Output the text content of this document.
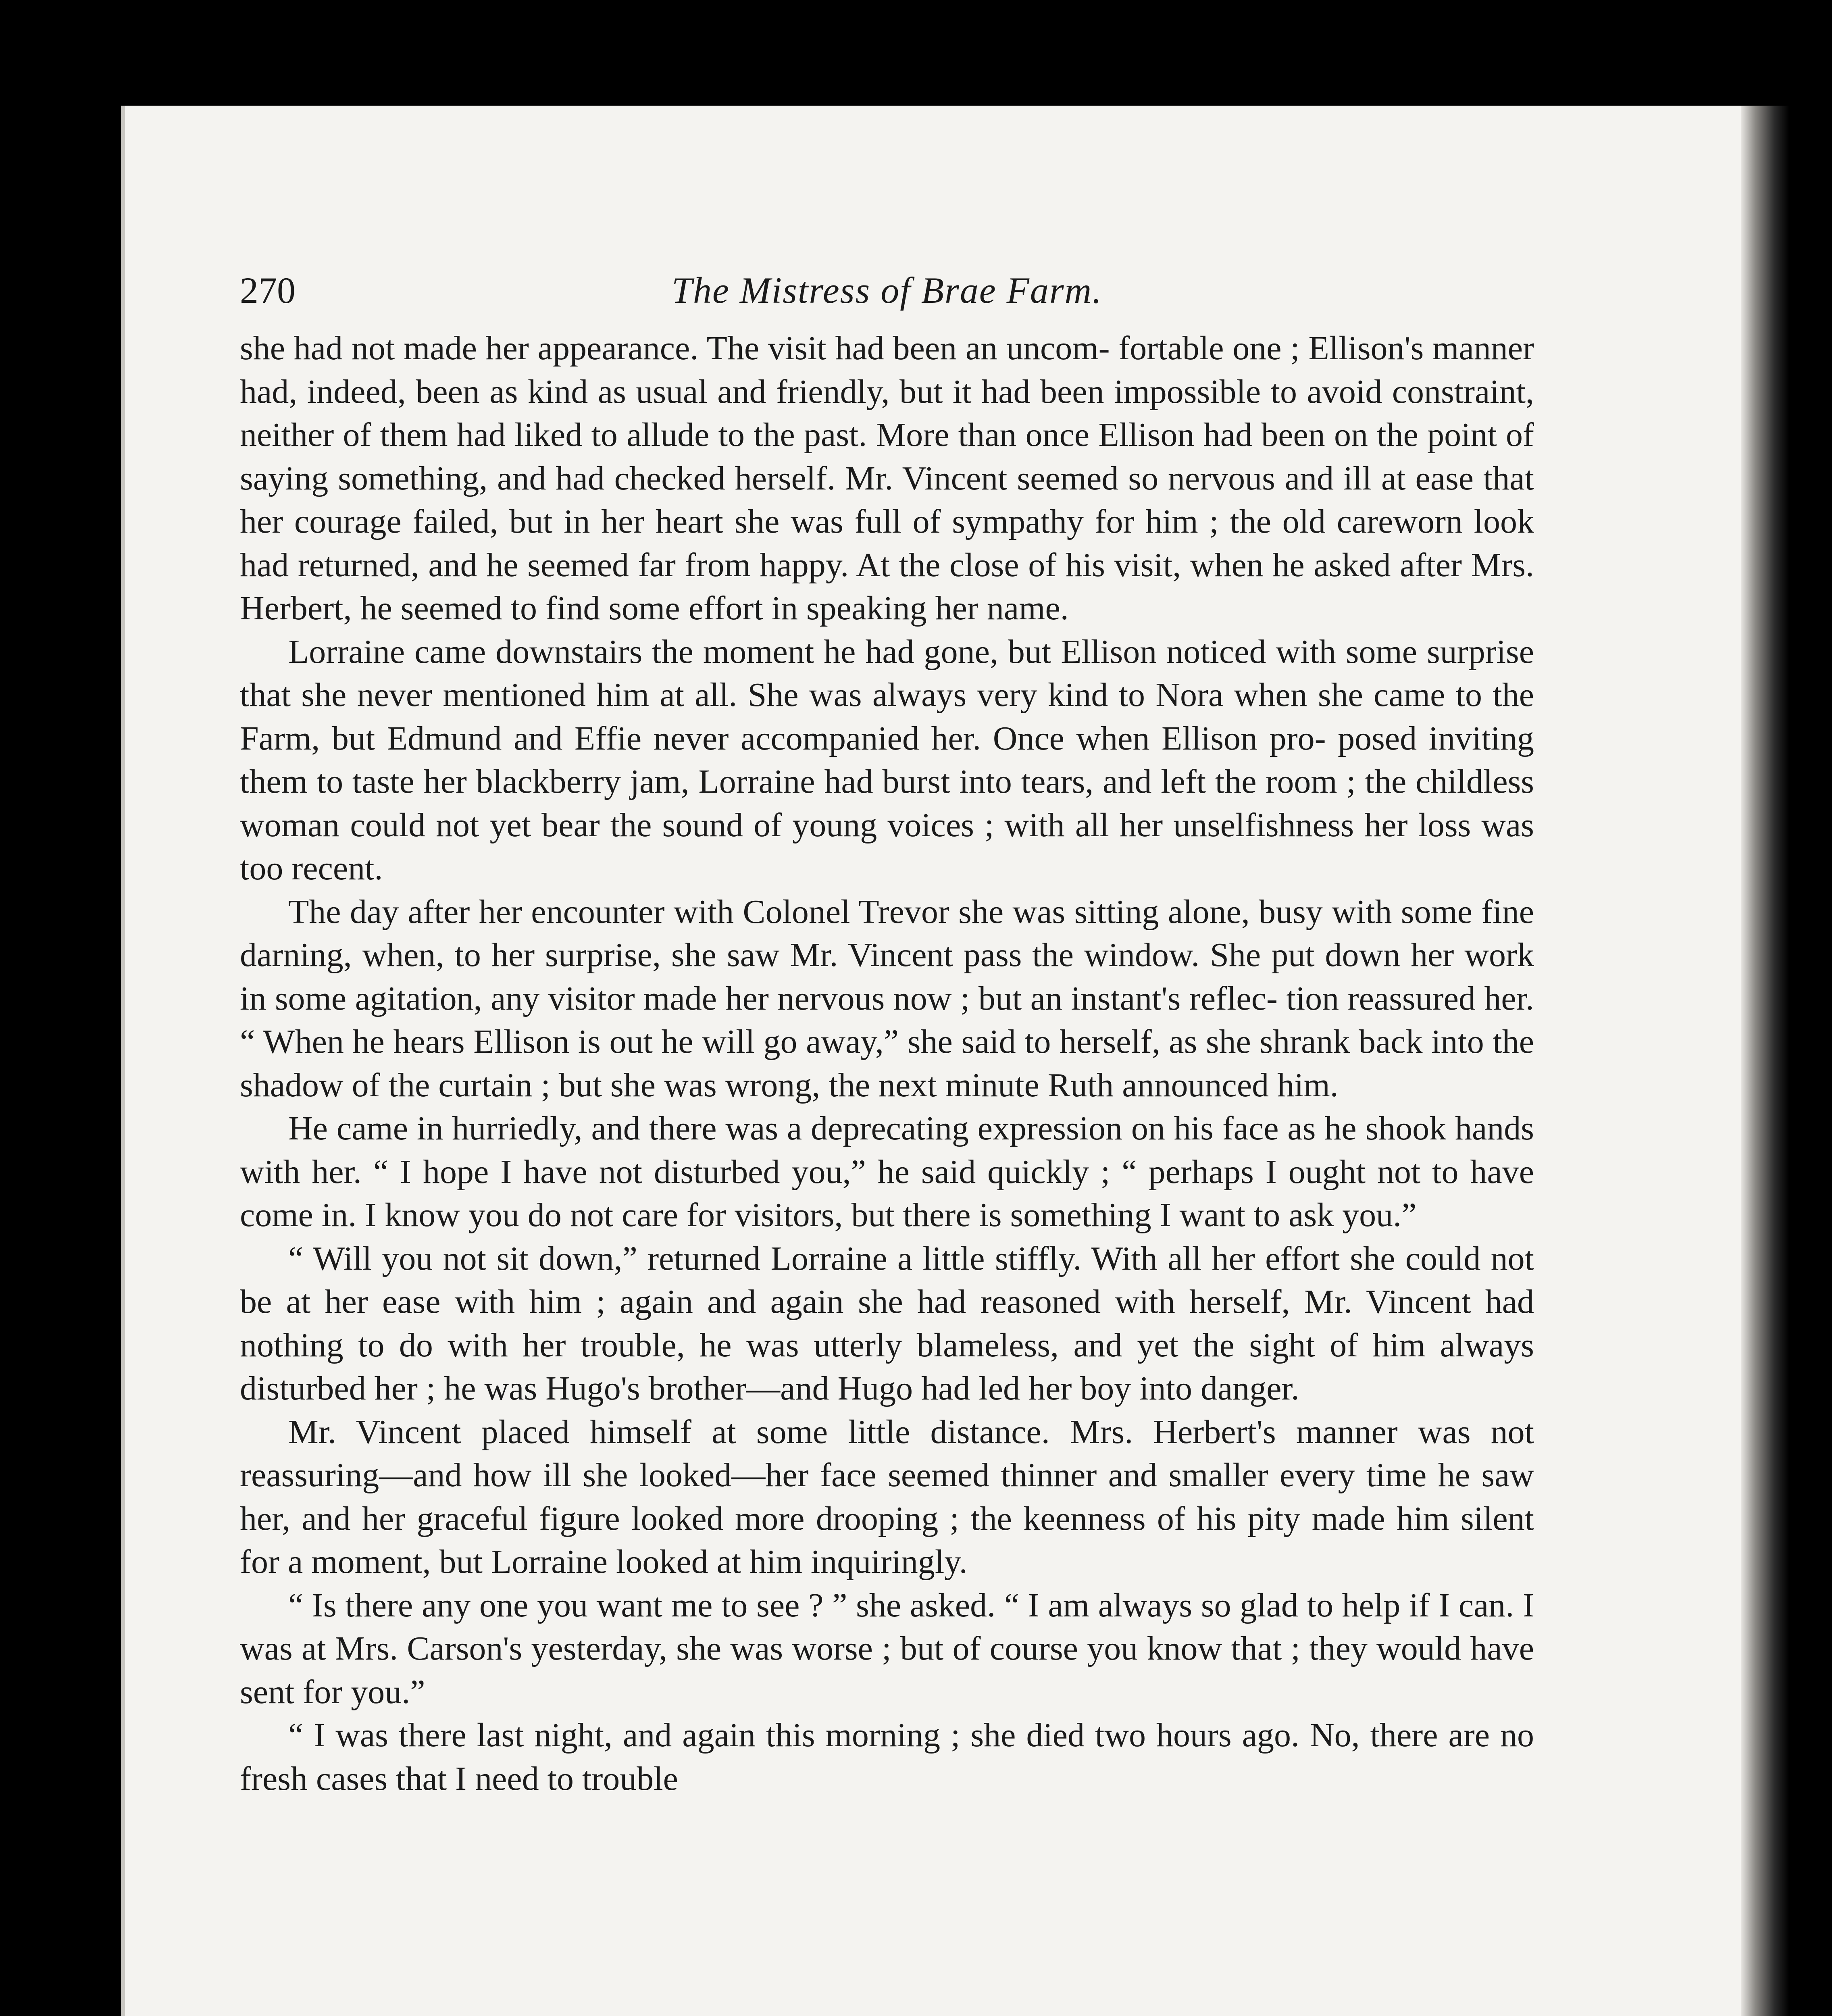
270	The Mistress of Brae Farm.

she had not made her appearance. The visit had been an uncom- fortable one ; Ellison's manner had, indeed, been as kind as usual and friendly, but it had been impossible to avoid constraint, neither of them had liked to allude to the past. More than once Ellison had been on the point of saying something, and had checked herself. Mr. Vincent seemed so nervous and ill at ease that her courage failed, but in her heart she was full of sympathy for him ; the old careworn look had returned, and he seemed far from happy. At the close of his visit, when he asked after Mrs. Herbert, he seemed to find some effort in speaking her name.

Lorraine came downstairs the moment he had gone, but Ellison noticed with some surprise that she never mentioned him at all. She was always very kind to Nora when she came to the Farm, but Edmund and Effie never accompanied her. Once when Ellison pro- posed inviting them to taste her blackberry jam, Lorraine had burst into tears, and left the room ; the childless woman could not yet bear the sound of young voices ; with all her unselfishness her loss was too recent.

The day after her encounter with Colonel Trevor she was sitting alone, busy with some fine darning, when, to her surprise, she saw Mr. Vincent pass the window. She put down her work in some agitation, any visitor made her nervous now ; but an instant's reflec- tion reassured her. “ When he hears Ellison is out he will go away,” she said to herself, as she shrank back into the shadow of the curtain ; but she was wrong, the next minute Ruth announced him.

He came in hurriedly, and there was a deprecating expression on his face as he shook hands with her. “ I hope I have not disturbed you,” he said quickly ; “ perhaps I ought not to have come in. I know you do not care for visitors, but there is something I want to ask you.”

“ Will you not sit down,” returned Lorraine a little stiffly. With all her effort she could not be at her ease with him ; again and again she had reasoned with herself, Mr. Vincent had nothing to do with her trouble, he was utterly blameless, and yet the sight of him always disturbed her ; he was Hugo's brother—and Hugo had led her boy into danger.

Mr. Vincent placed himself at some little distance. Mrs. Herbert's manner was not reassuring—and how ill she looked—her face seemed thinner and smaller every time he saw her, and her graceful figure looked more drooping ; the keenness of his pity made him silent for a moment, but Lorraine looked at him inquiringly.

“ Is there any one you want me to see ? ” she asked. “ I am always so glad to help if I can. I was at Mrs. Carson's yesterday, she was worse ; but of course you know that ; they would have sent for you.”

“ I was there last night, and again this morning ; she died two hours ago. No, there are no fresh cases that I need to trouble
